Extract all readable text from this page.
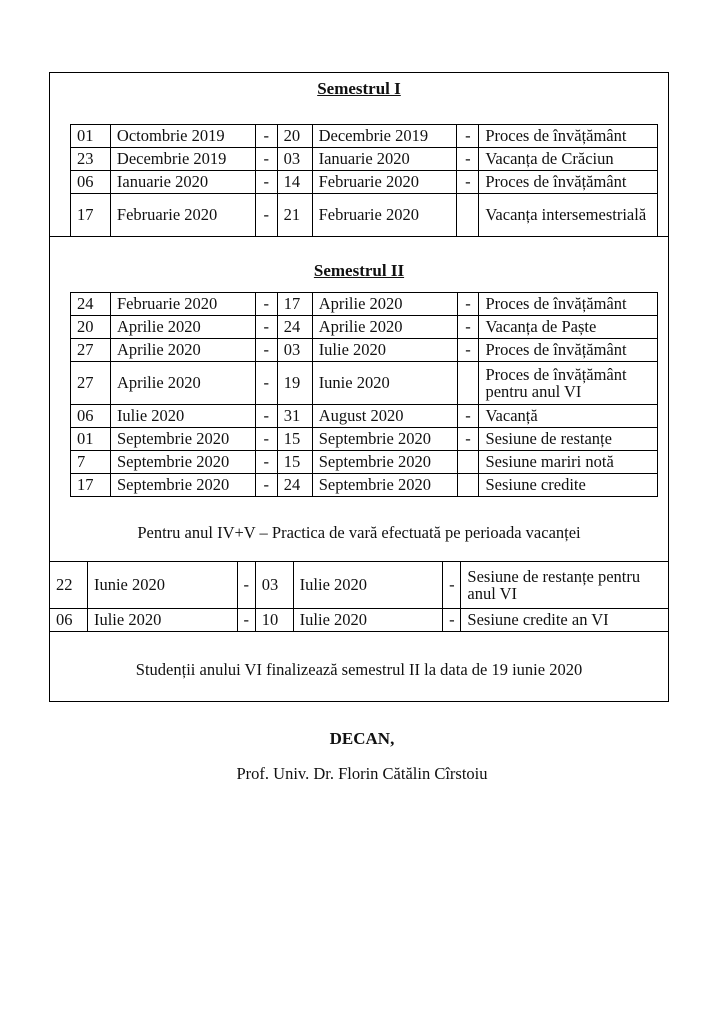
Semestrul I
01	Octombrie 2019	-	20	Decembrie 2019	-	Proces de învățământ
23	Decembrie 2019	-	03	Ianuarie 2020	-	Vacanța de Crăciun
06	Ianuarie 2020	-	14	Februarie 2020	-	Proces de învățământ
17	Februarie 2020	-	21	Februarie 2020		Vacanța intersemestrială
Semestrul II
24	Februarie 2020	-	17	Aprilie 2020	-	Proces de învățământ
20	Aprilie 2020	-	24	Aprilie 2020	-	Vacanța de Paște
27	Aprilie 2020	-	03	Iulie 2020	-	Proces de învățământ
27	Aprilie 2020	-	19	Iunie 2020		Proces de învățământ pentru anul VI
06	Iulie 2020	-	31	August 2020	-	Vacanță
01	Septembrie 2020	-	15	Septembrie 2020	-	Sesiune de restanțe
7	Septembrie 2020	-	15	Septembrie 2020		Sesiune mariri notă
17	Septembrie 2020	-	24	Septembrie 2020		Sesiune credite
Pentru anul IV+V – Practica de vară efectuată pe perioada vacanței
22	Iunie 2020	-	03	Iulie 2020	-	Sesiune de restanțe pentru anul VI
06	Iulie 2020	-	10	Iulie 2020	-	Sesiune credite an VI
Studenții anului VI finalizează semestrul II la data de 19 iunie 2020
DECAN,
Prof. Univ. Dr. Florin Cătălin Cîrstoiu
